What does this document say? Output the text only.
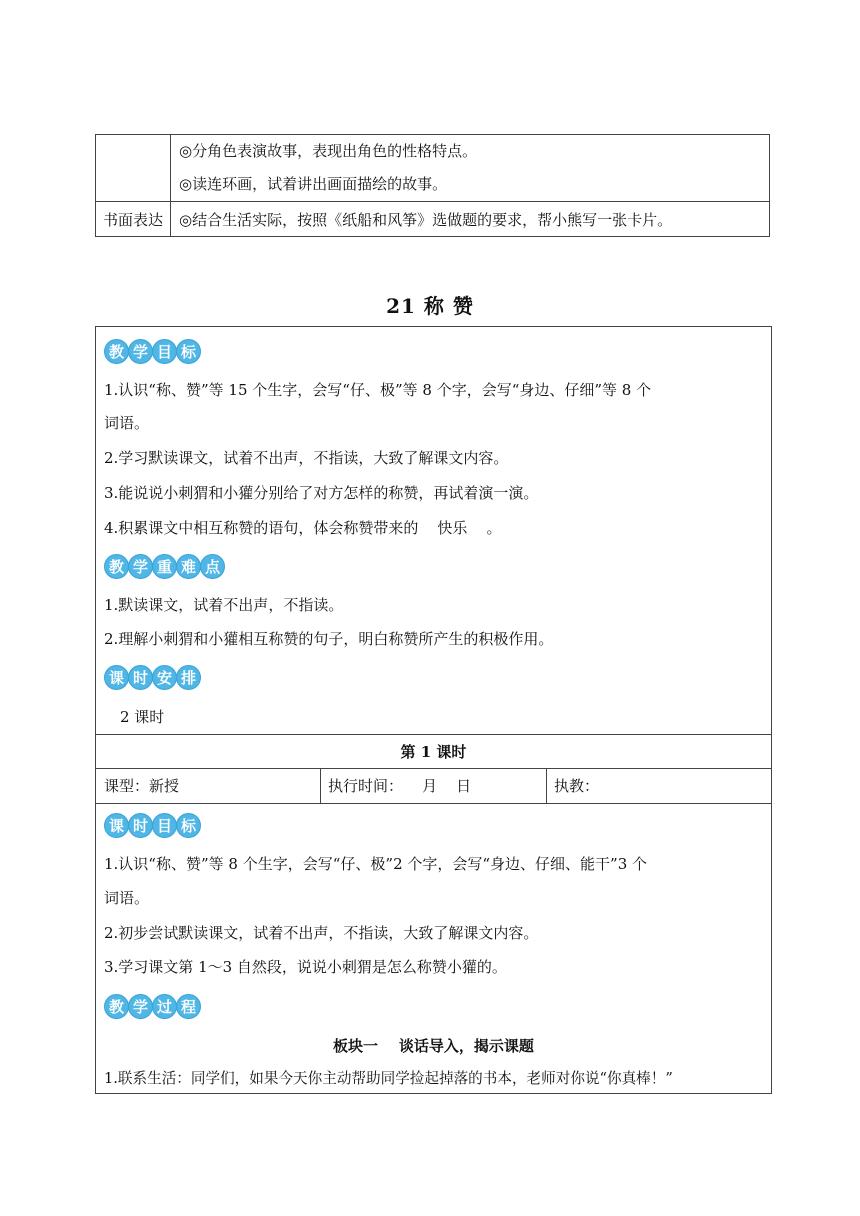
	◎分角色表演故事，表现出角色的性格特点。
◎读连环画，试着讲出画面描绘的故事。

书面表达	◎结合生活实际，按照《纸船和风筝》选做题的要求，帮小熊写一张卡片。
21 称 赞
教 学 目 标
1.认识“称、赞”等 15 个生字，会写“仔、极”等 8 个字，会写“身边、仔细”等 8 个
词语。
2.学习默读课文，试着不出声，不指读，大致了解课文内容。
3.能说说小刺猬和小獾分别给了对方怎样的称赞，再试着演一演。
4.积累课文中相互称赞的语句，体会称赞带来的    快乐    。
教 学 重 难 点
1.默读课文，试着不出声，不指读。
2.理解小刺猬和小獾相互称赞的句子，明白称赞所产生的积极作用。
课 时 安 排
2 课时
第 1 课时
课型：新授	执行时间：    月    日	执教：
课 时 目 标
1.认识“称、赞”等 8 个生字，会写“仔、极”2 个字，会写“身边、仔细、能干”3 个
词语。
2.初步尝试默读课文，试着不出声，不指读，大致了解课文内容。
3.学习课文第 1～3 自然段，说说小刺猬是怎么称赞小獾的。
教 学 过 程
板块一    谈话导入，揭示课题
1.联系生活：同学们，如果今天你主动帮助同学捡起掉落的书本，老师对你说“你真棒！”
